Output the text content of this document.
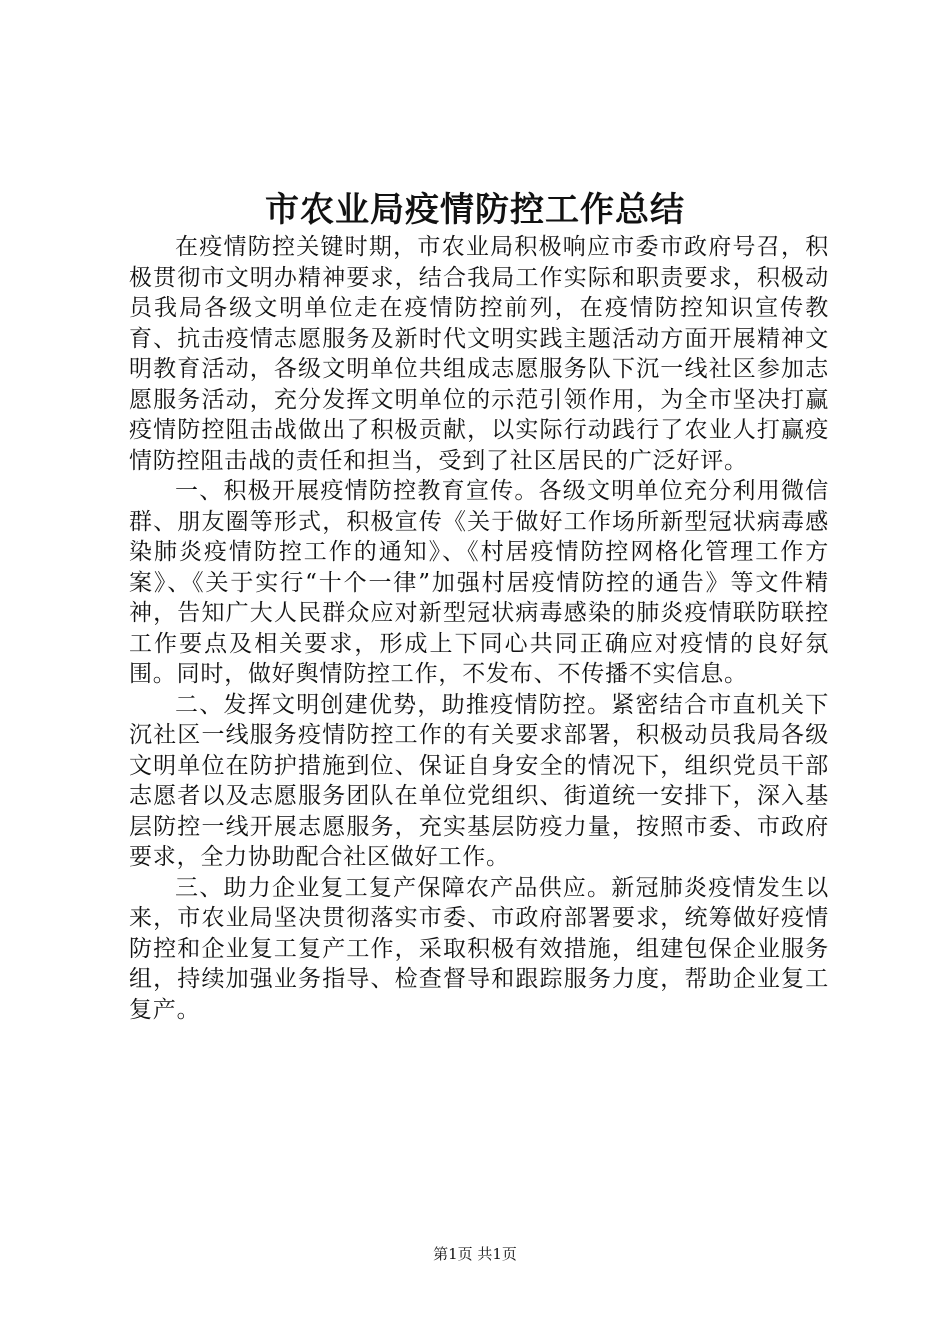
市农业局疫情防控工作总结

在疫情防控关键时期，市农业局积极响应市委市政府号召，积极贯彻市文明办精神要求，结合我局工作实际和职责要求，积极动员我局各级文明单位走在疫情防控前列，在疫情防控知识宣传教育、抗击疫情志愿服务及新时代文明实践主题活动方面开展精神文明教育活动，各级文明单位共组成志愿服务队下沉一线社区参加志愿服务活动，充分发挥文明单位的示范引领作用，为全市坚决打赢疫情防控阻击战做出了积极贡献，以实际行动践行了农业人打赢疫情防控阻击战的责任和担当，受到了社区居民的广泛好评。

一、积极开展疫情防控教育宣传。各级文明单位充分利用微信群、朋友圈等形式，积极宣传《关于做好工作场所新型冠状病毒感染肺炎疫情防控工作的通知》、《村居疫情防控网格化管理工作方案》、《关于实行“十个一律”加强村居疫情防控的通告》等文件精神，告知广大人民群众应对新型冠状病毒感染的肺炎疫情联防联控工作要点及相关要求，形成上下同心共同正确应对疫情的良好氛围。同时，做好舆情防控工作，不发布、不传播不实信息。

二、发挥文明创建优势，助推疫情防控。紧密结合市直机关下沉社区一线服务疫情防控工作的有关要求部署，积极动员我局各级文明单位在防护措施到位、保证自身安全的情况下，组织党员干部志愿者以及志愿服务团队在单位党组织、街道统一安排下，深入基层防控一线开展志愿服务，充实基层防疫力量，按照市委、市政府要求，全力协助配合社区做好工作。

三、助力企业复工复产保障农产品供应。新冠肺炎疫情发生以来，市农业局坚决贯彻落实市委、市政府部署要求，统筹做好疫情防控和企业复工复产工作，采取积极有效措施，组建包保企业服务组，持续加强业务指导、检查督导和跟踪服务力度，帮助企业复工复产。

第1页 共1页
